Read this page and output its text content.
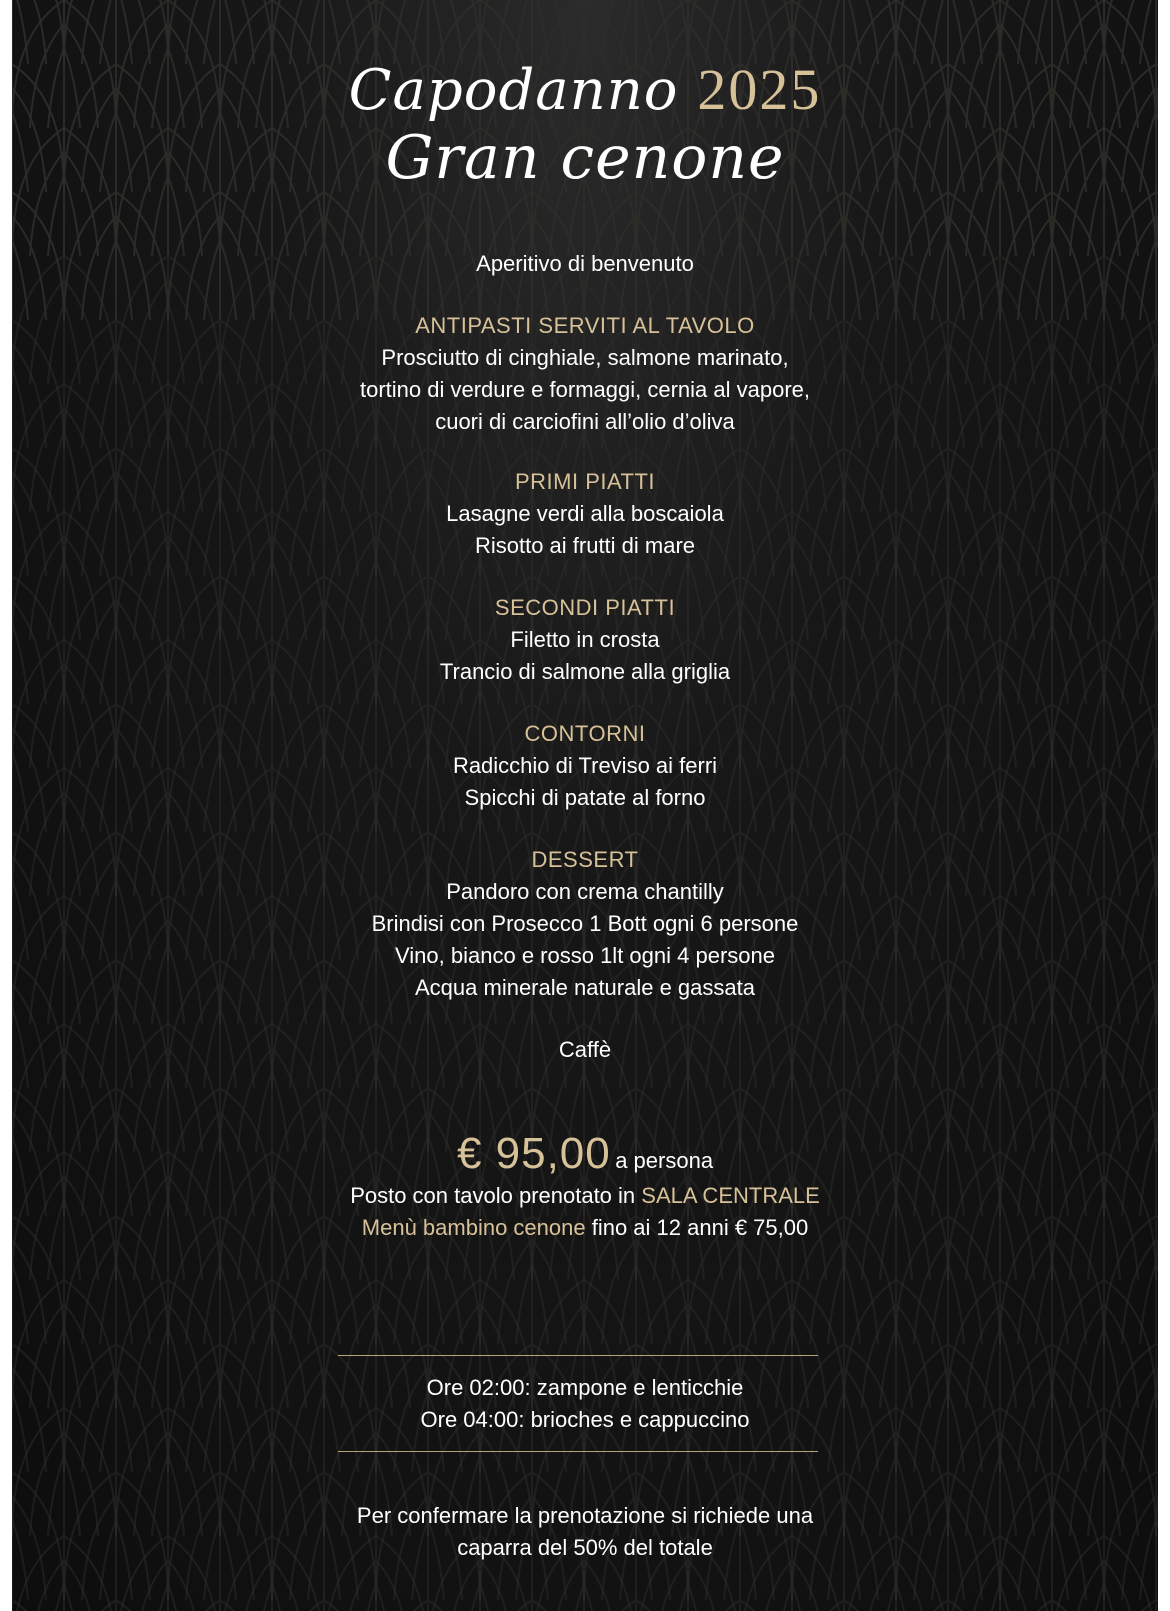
Capodanno 2025
Gran cenone
Aperitivo di benvenuto
ANTIPASTI SERVITI AL TAVOLO
Prosciutto di cinghiale, salmone marinato,
tortino di verdure e formaggi, cernia al vapore,
cuori di carciofini all’olio d’oliva
PRIMI PIATTI
Lasagne verdi alla boscaiola
Risotto ai frutti di mare
SECONDI PIATTI
Filetto in crosta
Trancio di salmone alla griglia
CONTORNI
Radicchio di Treviso ai ferri
Spicchi di patate al forno
DESSERT
Pandoro con crema chantilly
Brindisi con Prosecco 1 Bott ogni 6 persone
Vino, bianco e rosso 1lt ogni 4 persone
Acqua minerale naturale e gassata
Caffè
€ 95,00 a persona
Posto con tavolo prenotato in SALA CENTRALE
Menù bambino cenone fino ai 12 anni € 75,00
Ore 02:00: zampone e lenticchie
Ore 04:00: brioches e cappuccino
Per confermare la prenotazione si richiede una
caparra del 50% del totale
